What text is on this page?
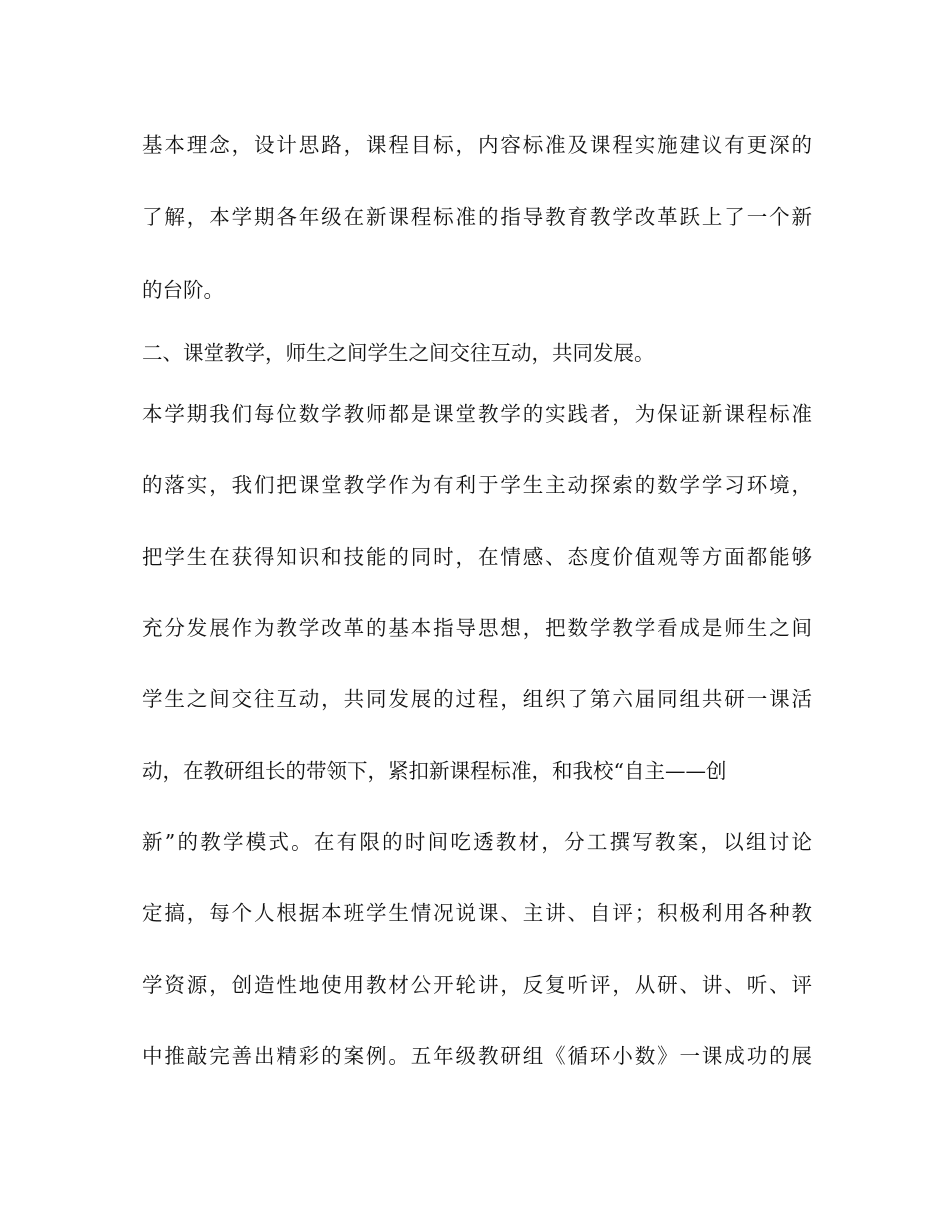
基本理念，设计思路，课程目标，内容标准及课程实施建议有更深的

了解，本学期各年级在新课程标准的指导教育教学改革跃上了一个新

的台阶。

二、课堂教学，师生之间学生之间交往互动，共同发展。

本学期我们每位数学教师都是课堂教学的实践者，为保证新课程标准

的落实，我们把课堂教学作为有利于学生主动探索的数学学习环境，

把学生在获得知识和技能的同时，在情感、态度价值观等方面都能够

充分发展作为教学改革的基本指导思想，把数学教学看成是师生之间

学生之间交往互动，共同发展的过程，组织了第六届同组共研一课活

动，在教研组长的带领下，紧扣新课程标准，和我校“自主——创

新”的教学模式。在有限的时间吃透教材，分工撰写教案，以组讨论

定搞，每个人根据本班学生情况说课、主讲、自评；积极利用各种教

学资源，创造性地使用教材公开轮讲，反复听评，从研、讲、听、评

中推敲完善出精彩的案例。五年级教研组《循环小数》一课成功的展
